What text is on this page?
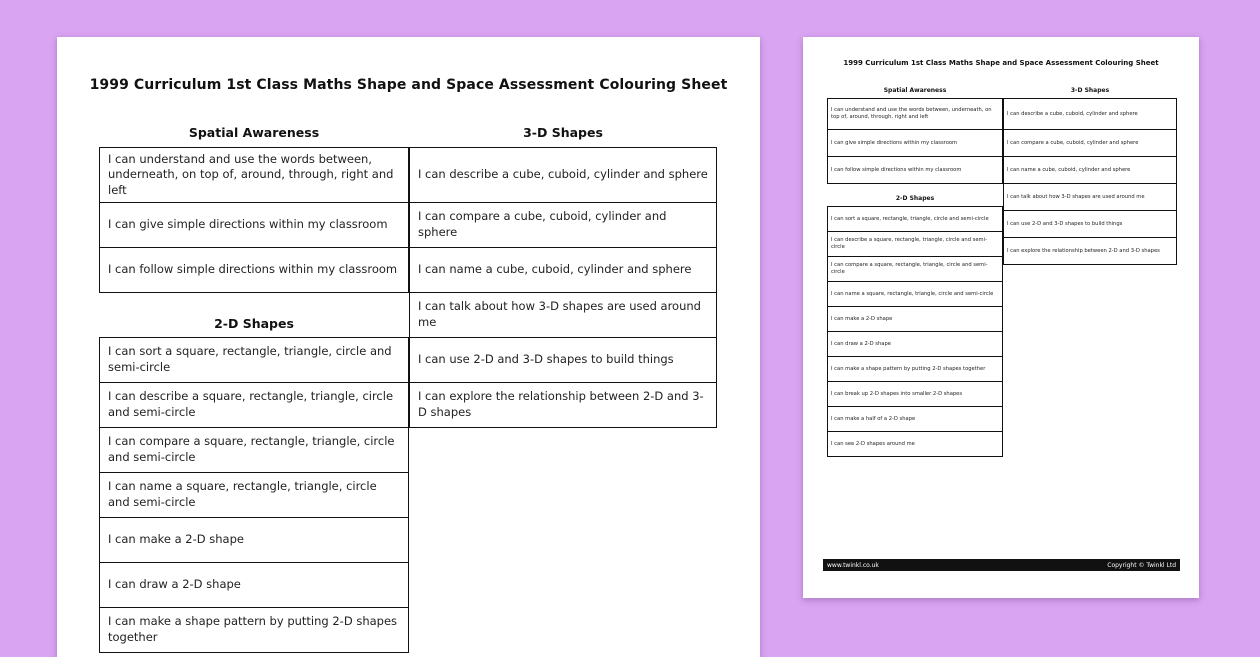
1999 Curriculum 1st Class Maths Shape and Space Assessment Colouring Sheet
Spatial Awareness	3-D Shapes
I can understand and use the words between, underneath, on top of, around, through, right and left
I can give simple directions within my classroom
I can follow simple directions within my classroom
I can describe a cube, cuboid, cylinder and sphere
I can compare a cube, cuboid, cylinder and sphere
I can name a cube, cuboid, cylinder and sphere
I can talk about how 3-D shapes are used around me
I can use 2-D and 3-D shapes to build things
I can explore the relationship between 2-D and 3-D shapes
2-D Shapes
I can sort a square, rectangle, triangle, circle and semi-circle
I can describe a square, rectangle, triangle, circle and semi-circle
I can compare a square, rectangle, triangle, circle and semi-circle
I can name a square, rectangle, triangle, circle and semi-circle
I can make a 2-D shape
I can draw a 2-D shape
I can make a shape pattern by putting 2-D shapes together
1999 Curriculum 1st Class Maths Shape and Space Assessment Colouring Sheet
Spatial Awareness	3-D Shapes
I can understand and use the words between, underneath, on top of, around, through, right and left
I can give simple directions within my classroom
I can follow simple directions within my classroom
I can describe a cube, cuboid, cylinder and sphere
I can compare a cube, cuboid, cylinder and sphere
I can name a cube, cuboid, cylinder and sphere
I can talk about how 3-D shapes are used around me
I can use 2-D and 3-D shapes to build things
I can explore the relationship between 2-D and 3-D shapes
2-D Shapes
I can sort a square, rectangle, triangle, circle and semi-circle
I can describe a square, rectangle, triangle, circle and semi-circle
I can compare a square, rectangle, triangle, circle and semi-circle
I can name a square, rectangle, triangle, circle and semi-circle
I can make a 2-D shape
I can draw a 2-D shape
I can make a shape pattern by putting 2-D shapes together
I can break up 2-D shapes into smaller 2-D shapes
I can make a half of a 2-D shape
I can see 2-D shapes around me
www.twinkl.co.uk	Copyright © Twinkl Ltd
